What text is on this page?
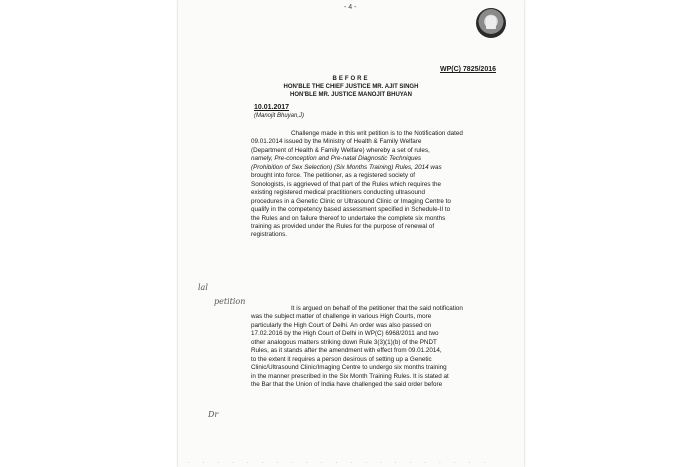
- 4 -
WP(C) 7825/2016
BEFORE
HON'BLE THE CHIEF JUSTICE MR. AJIT SINGH
HON'BLE MR. JUSTICE MANOJIT BHUYAN
10.01.2017
(Manojit Bhuyan,J)

Challenge made in this writ petition is to the Notification dated

09.01.2014 issued by the Ministry of Health & Family Welfare

(Department of Health & Family Welfare) whereby a set of rules,

namely, Pre-conception and Pre-natal Diagnostic Techniques

(Prohibition of Sex Selection) (Six Months Training) Rules, 2014 was

brought into force. The petitioner, as a registered society of

Sonologists, is aggrieved of that part of the Rules which requires the

existing registered medical practitioners conducting ultrasound

procedures in a Genetic Clinic or Ultrasound Clinic or Imaging Centre to

qualify in the competency based assessment specified in Schedule-II to

the Rules and on failure thereof to undertake the complete six months

training as provided under the Rules for the purpose of renewal of

registrations.

It is argued on behalf of the petitioner that the said notification

was the subject matter of challenge in various High Courts, more

particularly the High Court of Delhi. An order was also passed on

17.02.2016 by the High Court of Delhi in WP(C) 6968/2011 and two

other analogous matters striking down Rule 3(3)(1)(b) of the PNDT

Rules, as it stands after the amendment with effect from 09.01.2014,

to the extent it requires a person desirous of setting up a Genetic

Clinic/Ultrasound Clinic/Imaging Centre to undergo six months training

in the manner prescribed in the Six Month Training Rules. It is stated at

the Bar that the Union of India have challenged the said order before

lal
petition
Dr
. . . . . . . . . . . . . . . . . . . . .
